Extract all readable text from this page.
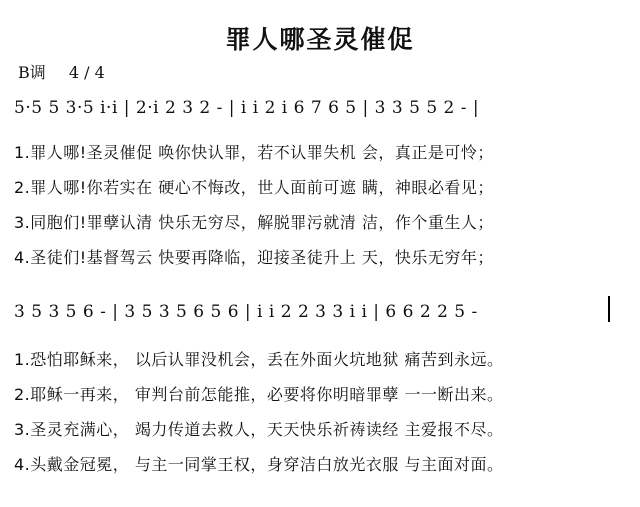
罪人哪圣灵催促
B调 4 / 4
5·5 5 3·5 i·i | 2·i 2 3 2 - | i i 2 i 6 7 6 5 | 3 3 5 5 2 - |
1.罪人哪!圣灵催促 唤你快认罪，若不认罪失机 会，真正是可怜；
2.罪人哪!你若实在 硬心不悔改，世人面前可遮 瞒，神眼必看见；
3.同胞们!罪孽认清 快乐无穷尽，解脱罪污就清 洁，作个重生人；
4.圣徒们!基督驾云 快要再降临，迎接圣徒升上 天，快乐无穷年；
3 5 3 5 6 - | 3 5 3 5 6 5 6 | i i 2 2 3 3 i i | 6 6 2 2 5 -
1.恐怕耶稣来， 以后认罪没机会，丢在外面火坑地狱 痛苦到永远。
2.耶稣一再来， 审判台前怎能推，必要将你明暗罪孽 一一断出来。
3.圣灵充满心， 竭力传道去救人，天天快乐祈祷读经 主爱报不尽。
4.头戴金冠冕， 与主一同掌王权，身穿洁白放光衣服 与主面对面。
